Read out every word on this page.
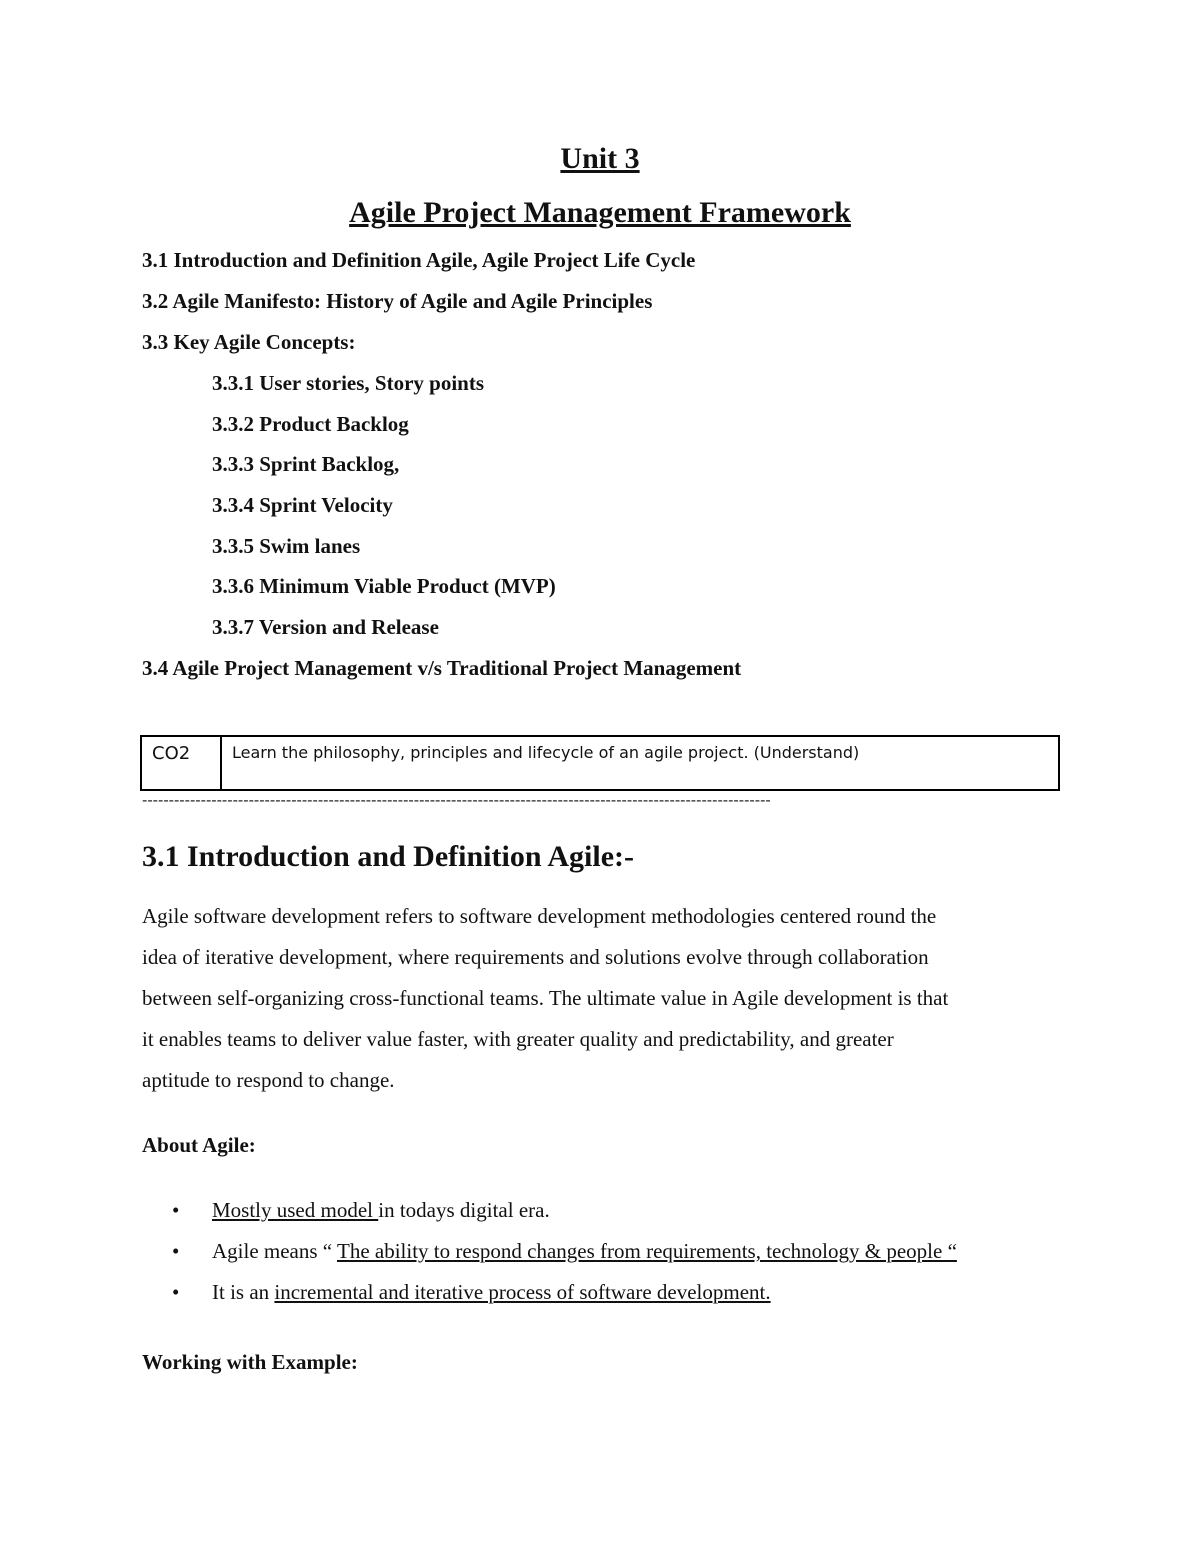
Unit 3
Agile Project Management Framework
3.1 Introduction and Definition Agile, Agile Project Life Cycle
3.2 Agile Manifesto: History of Agile and Agile Principles
3.3 Key Agile Concepts:
3.3.1 User stories, Story points
3.3.2 Product Backlog
3.3.3 Sprint Backlog,
3.3.4 Sprint Velocity
3.3.5 Swim lanes
3.3.6 Minimum Viable Product (MVP)
3.3.7 Version and Release
3.4 Agile Project Management v/s Traditional Project Management
CO2	Learn the philosophy, principles and lifecycle of an agile project. (Understand)
----------------------------------------------------------------------------------------------------------------------
3.1 Introduction and Definition Agile:-
Agile software development refers to software development methodologies centered round the
idea of iterative development, where requirements and solutions evolve through collaboration
between self-organizing cross-functional teams. The ultimate value in Agile development is that
it enables teams to deliver value faster, with greater quality and predictability, and greater
aptitude to respond to change.
About Agile:
•	Mostly used model in todays digital era.
•	Agile means “ The ability to respond changes from requirements, technology & people “
•	It is an incremental and iterative process of software development.
Working with Example:
